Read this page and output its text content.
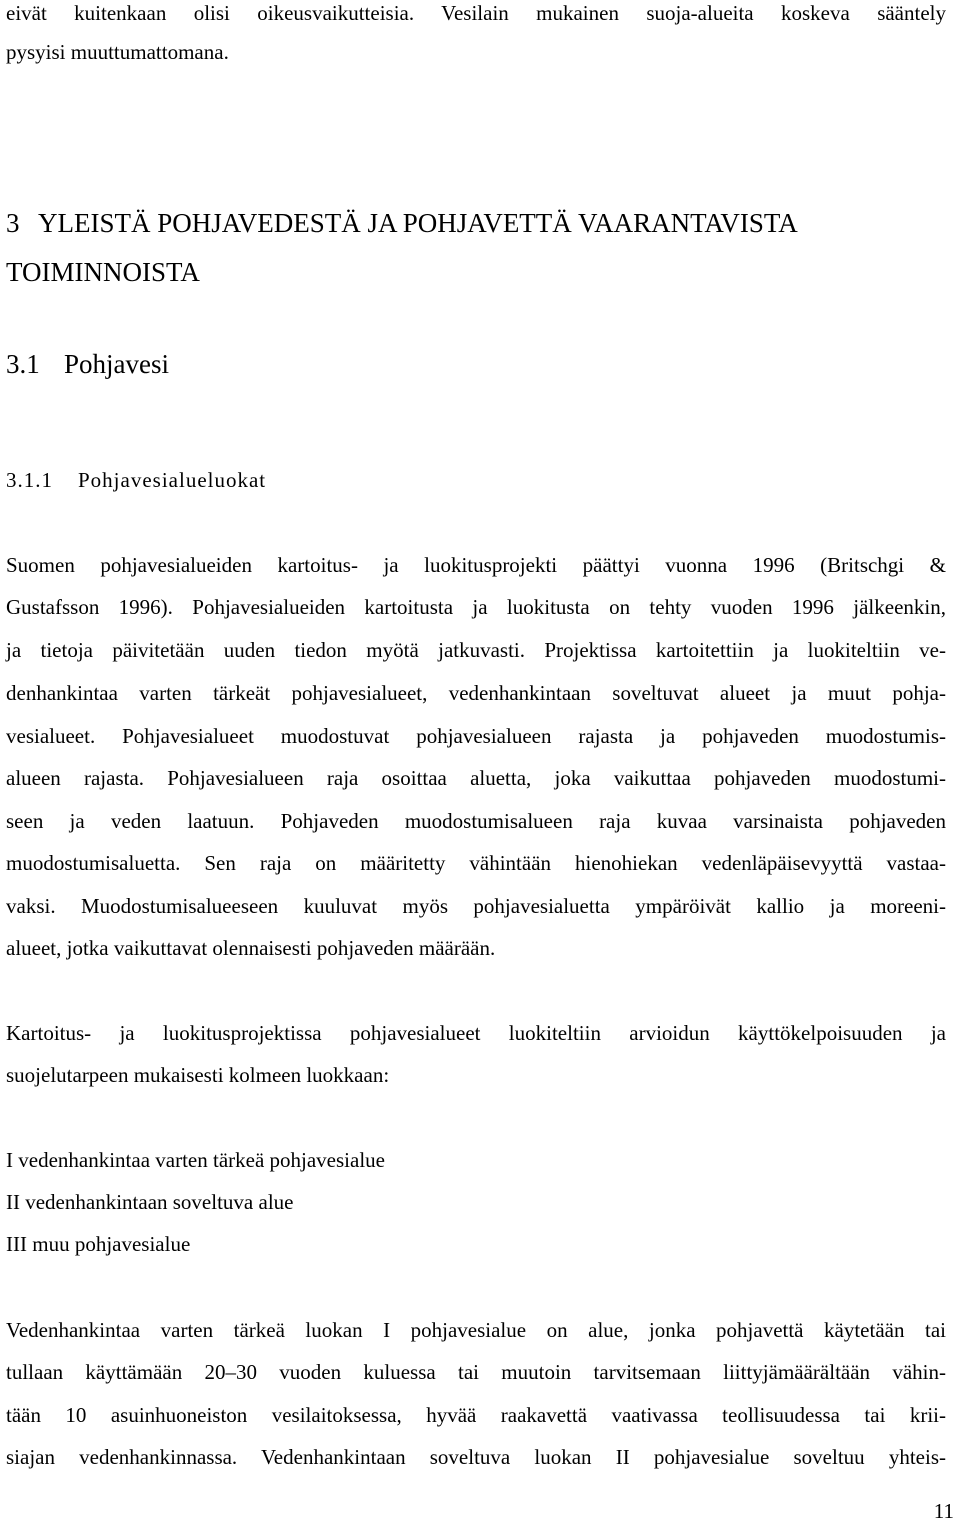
eivät kuitenkaan olisi oikeusvaikutteisia. Vesilain mukainen suoja-alueita koskeva sääntely
pysyisi muuttumattomana.
3 YLEISTÄ POHJAVEDESTÄ JA POHJAVETTÄ VAARANTAVISTA
TOIMINNOISTA
3.1 Pohjavesi
3.1.1 Pohjavesialueluokat
Suomen pohjavesialueiden kartoitus- ja luokitusprojekti päättyi vuonna 1996 (Britschgi &
Gustafsson 1996). Pohjavesialueiden kartoitusta ja luokitusta on tehty vuoden 1996 jälkeenkin,
ja tietoja päivitetään uuden tiedon myötä jatkuvasti. Projektissa kartoitettiin ja luokiteltiin ve-
denhankintaa varten tärkeät pohjavesialueet, vedenhankintaan soveltuvat alueet ja muut pohja-
vesialueet. Pohjavesialueet muodostuvat pohjavesialueen rajasta ja pohjaveden muodostumis-
alueen rajasta. Pohjavesialueen raja osoittaa aluetta, joka vaikuttaa pohjaveden muodostumi-
seen ja veden laatuun. Pohjaveden muodostumisalueen raja kuvaa varsinaista pohjaveden
muodostumisaluetta. Sen raja on määritetty vähintään hienohiekan vedenläpäisevyyttä vastaa-
vaksi. Muodostumisalueeseen kuuluvat myös pohjavesialuetta ympäröivät kallio ja moreeni-
alueet, jotka vaikuttavat olennaisesti pohjaveden määrään.
Kartoitus- ja luokitusprojektissa pohjavesialueet luokiteltiin arvioidun käyttökelpoisuuden ja
suojelutarpeen mukaisesti kolmeen luokkaan:
I vedenhankintaa varten tärkeä pohjavesialue
II vedenhankintaan soveltuva alue
III muu pohjavesialue
Vedenhankintaa varten tärkeä luokan I pohjavesialue on alue, jonka pohjavettä käytetään tai
tullaan käyttämään 20–30 vuoden kuluessa tai muutoin tarvitsemaan liittyjämäärältään vähin-
tään 10 asuinhuoneiston vesilaitoksessa, hyvää raakavettä vaativassa teollisuudessa tai krii-
siajan vedenhankinnassa. Vedenhankintaan soveltuva luokan II pohjavesialue soveltuu yhteis-
11
